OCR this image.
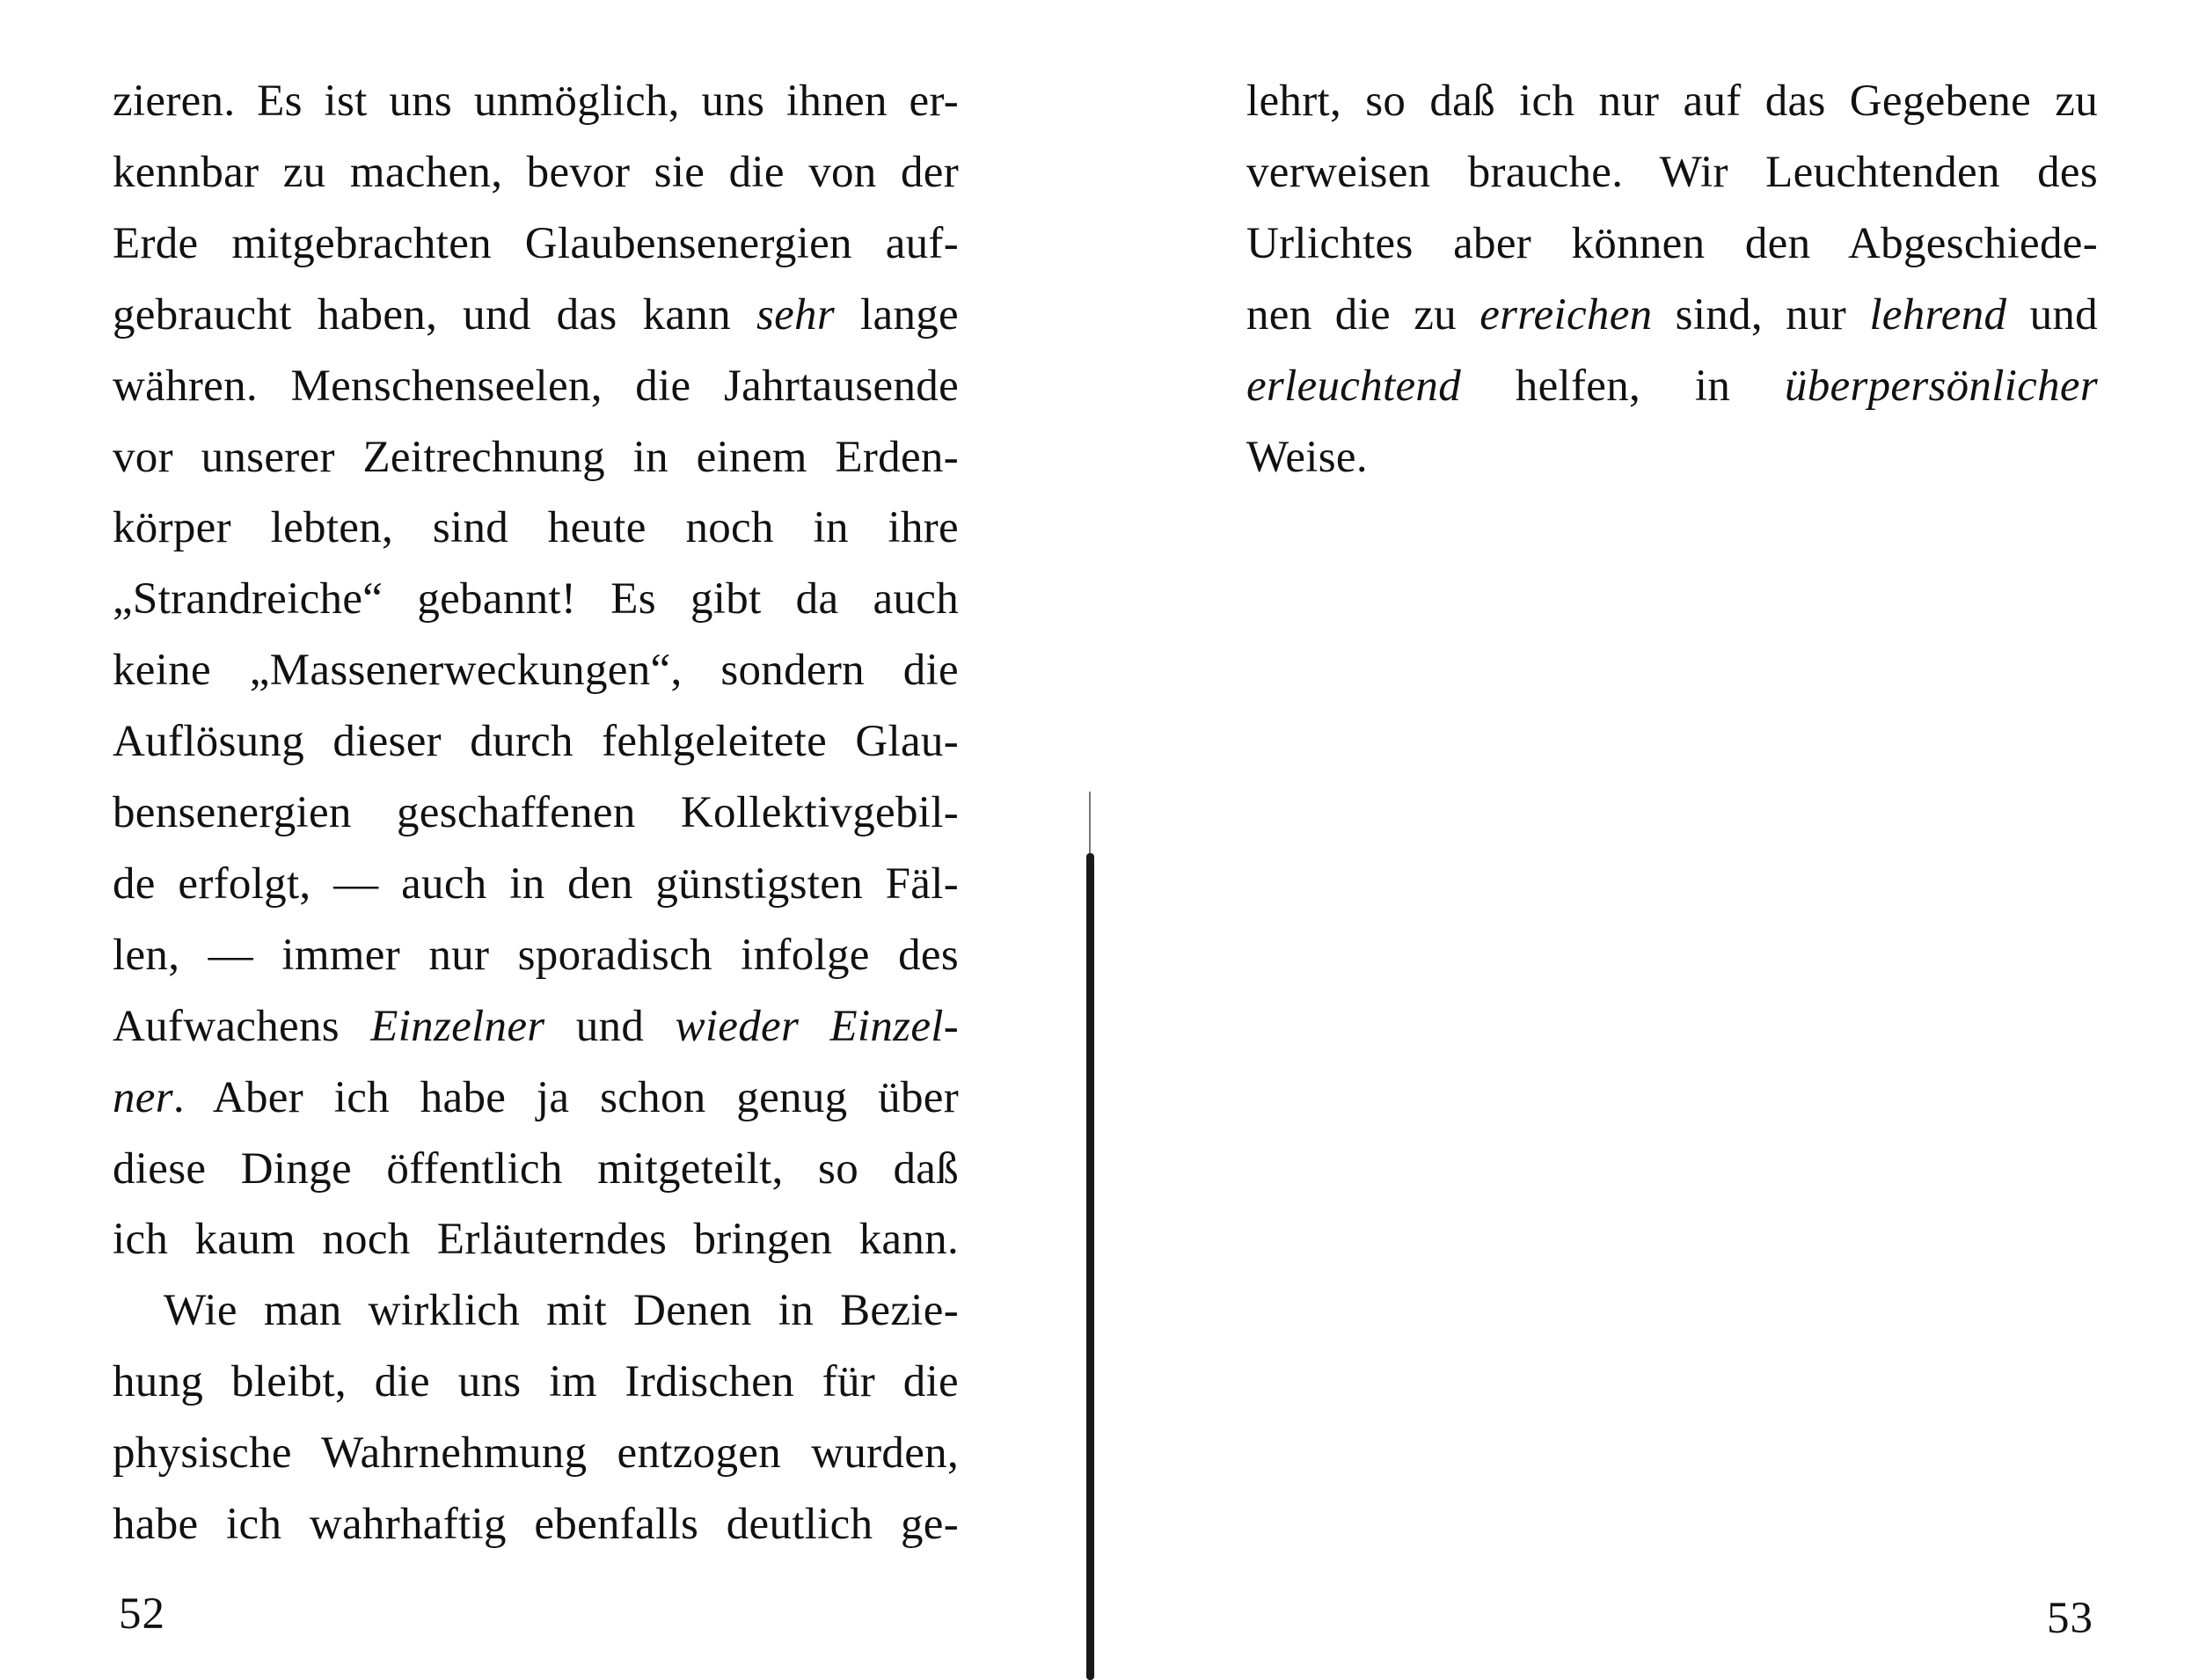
zieren. Es ist uns unmöglich, uns ihnen er-
kennbar zu machen, bevor sie die von der
Erde mitgebrachten Glaubensenergien auf-
gebraucht haben, und das kann sehr lange
währen. Menschenseelen, die Jahrtausende
vor unserer Zeitrechnung in einem Erden-
körper lebten, sind heute noch in ihre
„Strandreiche“ gebannt! Es gibt da auch
keine „Massenerweckungen“, sondern die
Auflösung dieser durch fehlgeleitete Glau-
bensenergien geschaffenen Kollektivgebil-
de erfolgt, — auch in den günstigsten Fäl-
len, — immer nur sporadisch infolge des
Aufwachens Einzelner und wieder Einzel-
ner. Aber ich habe ja schon genug über
diese Dinge öffentlich mitgeteilt, so daß
ich kaum noch Erläuterndes bringen kann.
Wie man wirklich mit Denen in Bezie-
hung bleibt, die uns im Irdischen für die
physische Wahrnehmung entzogen wurden,
habe ich wahrhaftig ebenfalls deutlich ge-
52
lehrt, so daß ich nur auf das Gegebene zu
verweisen brauche. Wir Leuchtenden des
Urlichtes aber können den Abgeschiede-
nen die zu erreichen sind, nur lehrend und
erleuchtend helfen, in überpersönlicher
Weise.
53
